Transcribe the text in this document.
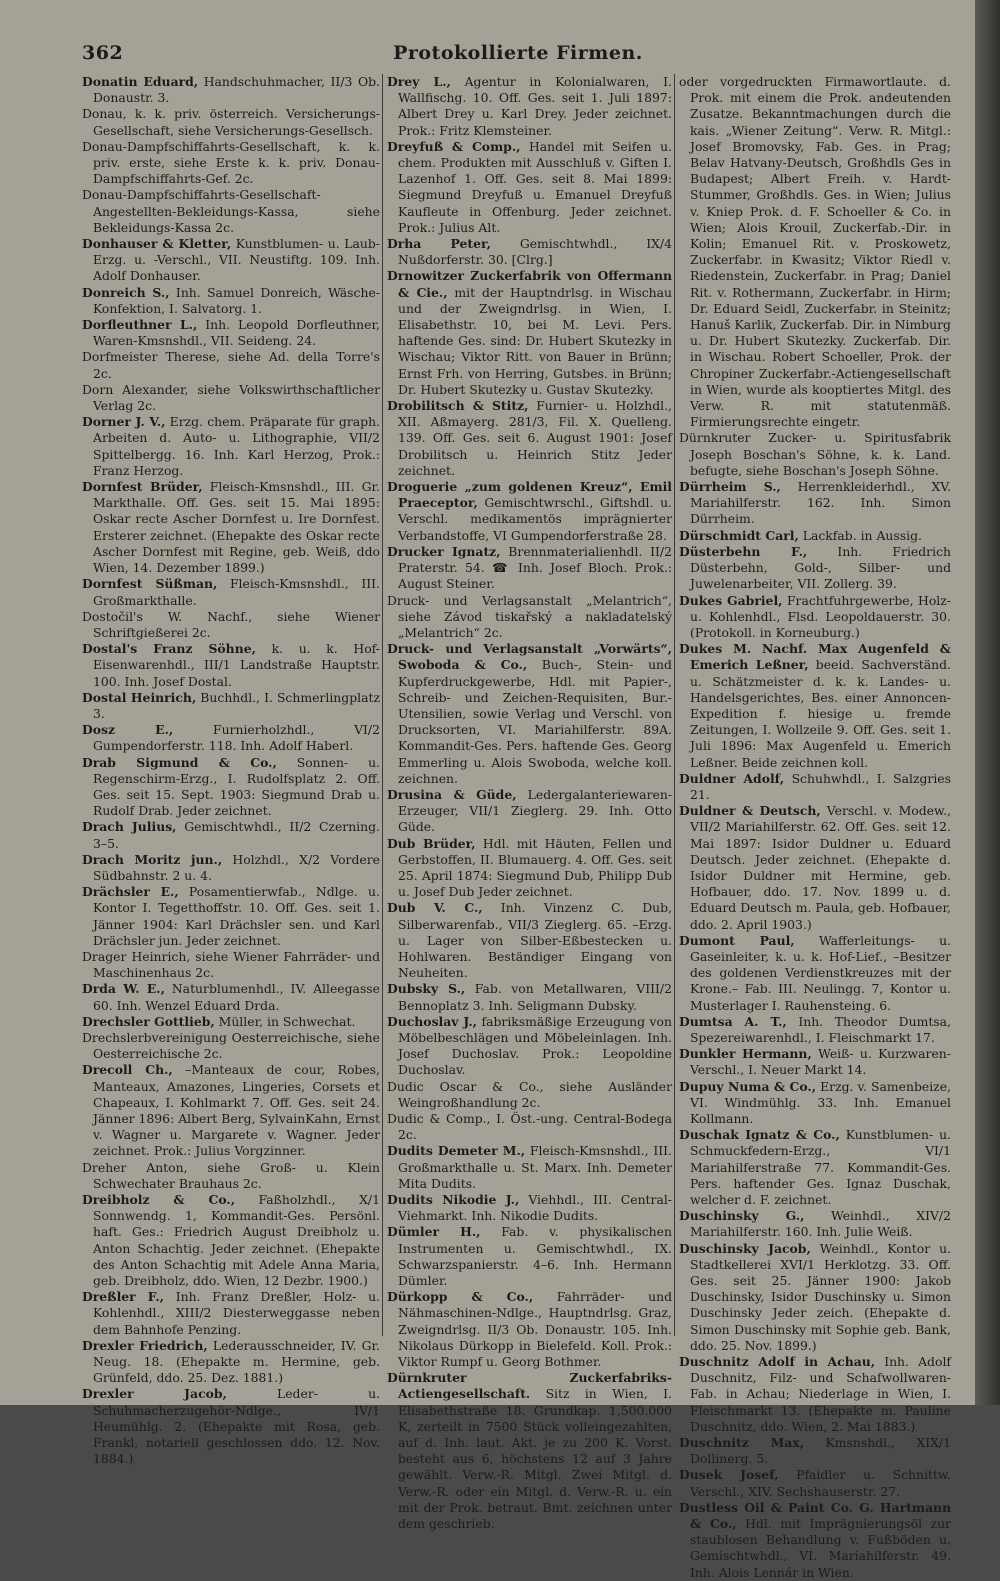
362	Protokollierte Firmen.

Donatin Eduard, Handschuhmacher, II/3 Ob. Donaustr. 3.

Donau, k. k. priv. österreich. Versicherungs-Gesellschaft, siehe Versicherungs-Gesellsch.

Donau-Dampfschiffahrts-Gesellschaft, k. k. priv. erste, siehe Erste k. k. priv. Donau-Dampfschiffahrts-Gef. 2c.

Donau-Dampfschiffahrts-Gesellschaft-Angestellten-Bekleidungs-Kassa, siehe Bekleidungs-Kassa 2c.

Donhauser & Kletter, Kunstblumen- u. Laub-Erzg. u. -Verschl., VII. Neustiftg. 109. Inh. Adolf Donhauser.

Donreich S., Inh. Samuel Donreich, Wäsche-Konfektion, I. Salvatorg. 1.

Dorfleuthner L., Inh. Leopold Dorfleuthner, Waren-Kmsnshdl., VII. Seideng. 24.

Dorfmeister Therese, siehe Ad. della Torre's 2c.

Dorn Alexander, siehe Volkswirthschaftlicher Verlag 2c.

Dorner J. V., Erzg. chem. Präparate für graph. Arbeiten d. Auto- u. Lithographie, VII/2 Spittelbergg. 16. Inh. Karl Herzog, Prok.: Franz Herzog.

Dornfest Brüder, Fleisch-Kmsnshdl., III. Gr. Markthalle. Off. Ges. seit 15. Mai 1895: Oskar recte Ascher Dornfest u. Ire Dornfest. Ersterer zeichnet. (Ehepakte des Oskar recte Ascher Dornfest mit Regine, geb. Weiß, ddo Wien, 14. Dezember 1899.)

Dornfest Süßman, Fleisch-Kmsnshdl., III. Großmarkthalle.

Dostočil's W. Nachf., siehe Wiener Schriftgießerei 2c.

Dostal's Franz Söhne, k. u. k. Hof-Eisenwarenhdl., III/1 Landstraße Hauptstr. 100. Inh. Josef Dostal.

Dostal Heinrich, Buchhdl., I. Schmerlingplatz 3.

Dosz E.,	Furnierholzhdl., VI/2 Gumpendorferstr. 118. Inh. Adolf Haberl.

Drab Sigmund & Co., Sonnen- u. Regenschirm-Erzg., I. Rudolfsplatz 2. Off. Ges. seit 15. Sept. 1903: Siegmund Drab u. Rudolf Drab. Jeder zeichnet.

Drach Julius, Gemischtwhdl., II/2 Czerning. 3–5.

Drach Moritz jun., Holzhdl., X/2 Vordere Südbahnstr. 2 u. 4.

Drächsler E., Posamentierwfab., Ndlge. u. Kontor I. Tegetthoffstr. 10. Off. Ges. seit 1. Jänner 1904: Karl Drächsler sen. und Karl Drächsler jun. Jeder zeichnet.

Drager Heinrich, siehe Wiener Fahrräder- und Maschinenhaus 2c.

Drda W. E., Naturblumenhdl., IV. Alleegasse 60. Inh. Wenzel Eduard Drda.

Drechsler Gottlieb, Müller, in Schwechat.

Drechslerbvereinigung Oesterreichische, siehe Oesterreichische 2c.

Drecoll Ch., –Manteaux de cour, Robes, Manteaux, Amazones, Lingeries, Corsets et Chapeaux, I. Kohlmarkt 7. Off. Ges. seit 24. Jänner 1896: Albert Berg, SylvainKahn, Ernst v. Wagner u. Margarete v. Wagner. Jeder zeichnet. Prok.: Julius Vorgzinner.

Dreher Anton, siehe Groß- u. Klein Schwechater Brauhaus 2c.

Dreibholz & Co., Faßholzhdl., X/1 Sonnwendg. 1, Kommandit-Ges. Persönl. haft. Ges.: Friedrich August Dreibholz u. Anton Schachtig. Jeder zeichnet. (Ehepakte des Anton Schachtig mit Adele Anna Maria, geb. Dreibholz, ddo. Wien, 12 Dezbr. 1900.)

Dreßler F., Inh. Franz Dreßler, Holz- u. Kohlenhdl., XIII/2 Diesterweggasse neben dem Bahnhofe Penzing.

Drexler Friedrich, Lederausschneider, IV. Gr. Neug. 18. (Ehepakte m. Hermine, geb. Grünfeld, ddo. 25. Dez. 1881.)

Drexler Jacob,	Leder- u. Schuhmacherzugehör-Ndlge., IV/1 Heumühlg. 2. (Ehepakte mit Rosa, geb. Frankl, notariell geschlossen ddo. 12. Nov. 1884.)

Drey L., Agentur in Kolonialwaren, I. Wallfischg. 10. Off. Ges. seit 1. Juli 1897: Albert Drey u. Karl Drey. Jeder zeichnet. Prok.: Fritz Klemsteiner.

Dreyfuß & Comp., Handel mit Seifen u. chem. Produkten mit Ausschluß v. Giften I. Lazenhof 1. Off. Ges. seit 8. Mai 1899: Siegmund Dreyfuß u. Emanuel Dreyfuß Kaufleute in Offenburg. Jeder zeichnet. Prok.: Julius Alt.

Drha Peter, Gemischtwhdl., IX/4 Nußdorferstr. 30. [Clrg.]

Drnowitzer Zuckerfabrik von Offermann & Cie., mit der Hauptndrlsg. in Wischau und der Zweigndrlsg. in Wien, I. Elisabethstr. 10, bei M. Levi. Pers. haftende Ges. sind: Dr. Hubert Skutezky in Wischau; Viktor Ritt. von Bauer in Brünn; Ernst Frh. von Herring, Gutsbes. in Brünn; Dr. Hubert Skutezky u. Gustav Skutezky.

Drobilitsch & Stitz, Furnier- u. Holzhdl., XII. Aßmayerg. 281/3, Fil. X. Quelleng. 139. Off. Ges. seit 6. August 1901: Josef Drobilitsch u. Heinrich Stitz Jeder zeichnet.

Droguerie „zum goldenen Kreuz“, Emil Praeceptor, Gemischtwrschl., Giftshdl. u. Verschl. medikamentös imprägnierter Verbandstoffe, VI Gumpendorferstraße 28.

Drucker Ignatz, Brennmaterialienhdl. II/2 Praterstr. 54. ☎ Inh. Josef Bloch. Prok.: August Steiner.

Druck- und Verlagsanstalt „Melantrich“, siehe Závod tiskařský a nakladatelský „Melantrich“ 2c.

Druck- und Verlagsanstalt „Vorwärts“, Swoboda & Co., Buch-, Stein- und Kupferdruckgewerbe, Hdl. mit Papier-, Schreib- und Zeichen-Requisiten, Bur.-Utensilien, sowie Verlag und Verschl. von Drucksorten, VI. Mariahilferstr. 89A. Kommandit-Ges. Pers. haftende Ges. Georg Emmerling u. Alois Swoboda, welche koll. zeichnen.

Drusina & Güde, Ledergalanteriewaren-Erzeuger, VII/1 Zieglerg. 29. Inh. Otto Güde.

Dub Brüder, Hdl. mit Häuten, Fellen und Gerbstoffen, II. Blumauerg. 4. Off. Ges. seit 25. April 1874: Siegmund Dub, Philipp Dub u. Josef Dub Jeder zeichnet.

Dub V. C., Inh. Vinzenz C. Dub, Silberwarenfab., VII/3 Zieglerg. 65. –Erzg. u. Lager von Silber-Eßbestecken u. Hohlwaren. Beständiger Eingang von Neuheiten.

Dubsky S., Fab. von Metallwaren, VIII/2 Bennoplatz 3. Inh. Seligmann Dubsky.

Duchoslav J., fabriksmäßige Erzeugung von Möbelbeschlägen und Möbeleinlagen. Inh. Josef Duchoslav. Prok.: Leopoldine Duchoslav.

Dudic Oscar & Co., siehe Ausländer Weingroßhandlung 2c.

Dudic & Comp., I. Öst.-ung. Central-Bodega 2c.

Dudits Demeter M., Fleisch-Kmsnshdl., III. Großmarkthalle u. St. Marx. Inh. Demeter Mita Dudits.

Dudits Nikodie J., Viehhdl., III. Central-Viehmarkt. Inh. Nikodie Dudits.

Dümler H., Fab. v. physikalischen Instrumenten u. Gemischtwhdl., IX. Schwarzspanierstr. 4–6. Inh. Hermann Dümler.

Dürkopp & Co., Fahrräder- und Nähmaschinen-Ndlge., Hauptndrlsg. Graz, Zweigndrlsg. II/3 Ob. Donaustr. 105. Inh. Nikolaus Dürkopp in Bielefeld. Koll. Prok.: Viktor Rumpf u. Georg Bothmer.

Dürnkruter Zuckerfabriks-Actiengesellschaft. Sitz in Wien, I. Elisabethstraße 18. Grundkap. 1,500.000 K, zerteilt in 7500 Stück volleingezahlten, auf d. Inh. laut. Akt. je zu 200 K. Vorst. besteht aus 6, höchstens 12 auf 3 Jahre gewählt. Verw.-R. Mitgl. Zwei Mitgl. d. Verw.-R. oder ein Mitgl. d. Verw.-R. u. ein mit der Prok. betraut. Bmt. zeichnen unter dem geschrieb.

oder vorgedruckten Firmawortlaute. d. Prok. mit einem die Prok. andeutenden Zusatze. Bekanntmachungen durch die kais. „Wiener Zeitung“. Verw. R. Mitgl.: Josef Bromovsky, Fab. Ges. in Prag; Belav Hatvany-Deutsch, Großhdls Ges in Budapest; Albert Freih. v. Hardt-Stummer, Großhdls. Ges. in Wien; Julius v. Kniep Prok. d. F. Schoeller & Co. in Wien; Alois Krouil, Zuckerfab.-Dir. in Kolin; Emanuel Rit. v. Proskowetz, Zuckerfabr. in Kwasitz; Viktor Riedl v. Riedenstein, Zuckerfabr. in Prag; Daniel Rit. v. Rothermann, Zuckerfabr. in Hirm; Dr. Eduard Seidl, Zuckerfabr. in Steinitz; Hanuš Karlik, Zuckerfab. Dir. in Nimburg u. Dr. Hubert Skutezky. Zuckerfab. Dir. in Wischau. Robert Schoeller, Prok. der Chropiner Zuckerfabr.-Actiengesellschaft in Wien, wurde als kooptiertes Mitgl. des Verw. R. mit statutenmäß. Firmierungsrechte eingetr.

Dürnkruter Zucker- u. Spiritusfabrik Joseph Boschan's Söhne, k. k. Land. befugte, siehe Boschan's Joseph Söhne.

Dürrheim S., Herrenkleiderhdl., XV. Mariahilferstr. 162. Inh. Simon Dürrheim.

Dürschmidt Carl, Lackfab. in Aussig.

Düsterbehn F., Inh. Friedrich Düsterbehn, Gold-, Silber- und Juwelenarbeiter, VII. Zollerg. 39.

Dukes Gabriel, Frachtfuhrgewerbe, Holz- u. Kohlenhdl., Flsd. Leopoldauerstr. 30. (Protokoll. in Korneuburg.)

Dukes M. Nachf. Max Augenfeld & Emerich Leßner, beeid. Sachverständ. u. Schätzmeister d. k. k. Landes- u. Handelsgerichtes, Bes. einer Annoncen-Expedition f. hiesige u. fremde Zeitungen, I. Wollzeile 9. Off. Ges. seit 1. Juli 1896: Max Augenfeld u. Emerich Leßner. Beide zeichnen koll.

Duldner Adolf, Schuhwhdl., I. Salzgries 21.

Duldner & Deutsch, Verschl. v. Modew., VII/2 Mariahilferstr. 62. Off. Ges. seit 12. Mai 1897: Isidor Duldner u. Eduard Deutsch. Jeder zeichnet. (Ehepakte d. Isidor Duldner mit Hermine, geb. Hofbauer, ddo. 17. Nov. 1899 u. d. Eduard Deutsch m. Paula, geb. Hofbauer, ddo. 2. April 1903.)

Dumont Paul, Wafferleitungs- u. Gaseinleiter, k. u. k. Hof-Lief., –Besitzer des goldenen Verdienstkreuzes mit der Krone.– Fab. III. Neulingg. 7, Kontor u. Musterlager I. Rauhensteing. 6.

Dumtsa A. T., Inh. Theodor Dumtsa, Spezereiwarenhdl., I. Fleischmarkt 17.

Dunkler Hermann, Weiß- u. Kurzwaren-Verschl., I. Neuer Markt 14.

Dupuy Numa & Co., Erzg. v. Samenbeize, VI. Windmühlg. 33. Inh. Emanuel Kollmann.

Duschak Ignatz & Co., Kunstblumen- u. Schmuckfedern-Erzg., VI/1 Mariahilferstraße 77. Kommandit-Ges. Pers. haftender Ges. Ignaz Duschak, welcher d. F. zeichnet.

Duschinsky G., Weinhdl., XIV/2 Mariahilferstr. 160. Inh. Julie Weiß.

Duschinsky Jacob, Weinhdl., Kontor u. Stadtkellerei XVI/1 Herklotzg. 33. Off. Ges. seit 25. Jänner 1900: Jakob Duschinsky, Isidor Duschinsky u. Simon Duschinsky Jeder zeich. (Ehepakte d. Simon Duschinsky mit Sophie geb. Bank, ddo. 25. Nov. 1899.)

Duschnitz Adolf in Achau, Inh. Adolf Duschnitz, Filz- und Schafwollwaren-Fab. in Achau; Niederlage in Wien, I. Fleischmarkt 13. (Ehepakte m. Pauline Duschnitz, ddo. Wien, 2. Mai 1883.)

Duschnitz Max, Kmsnshdl., XIX/1 Dollinerg. 5.

Dusek Josef, Pfaidler u. Schnittw. Verschl., XIV. Sechshauserstr. 27.

Dustless Oil & Paint Co. G. Hartmann & Co., Hdl. mit Imprägnierungsöl zur staublosen Behandlung v. Fußböden u. Gemischtwhdl., VI. Mariahilferstr. 49. Inh. Alois Lennár in Wien.
